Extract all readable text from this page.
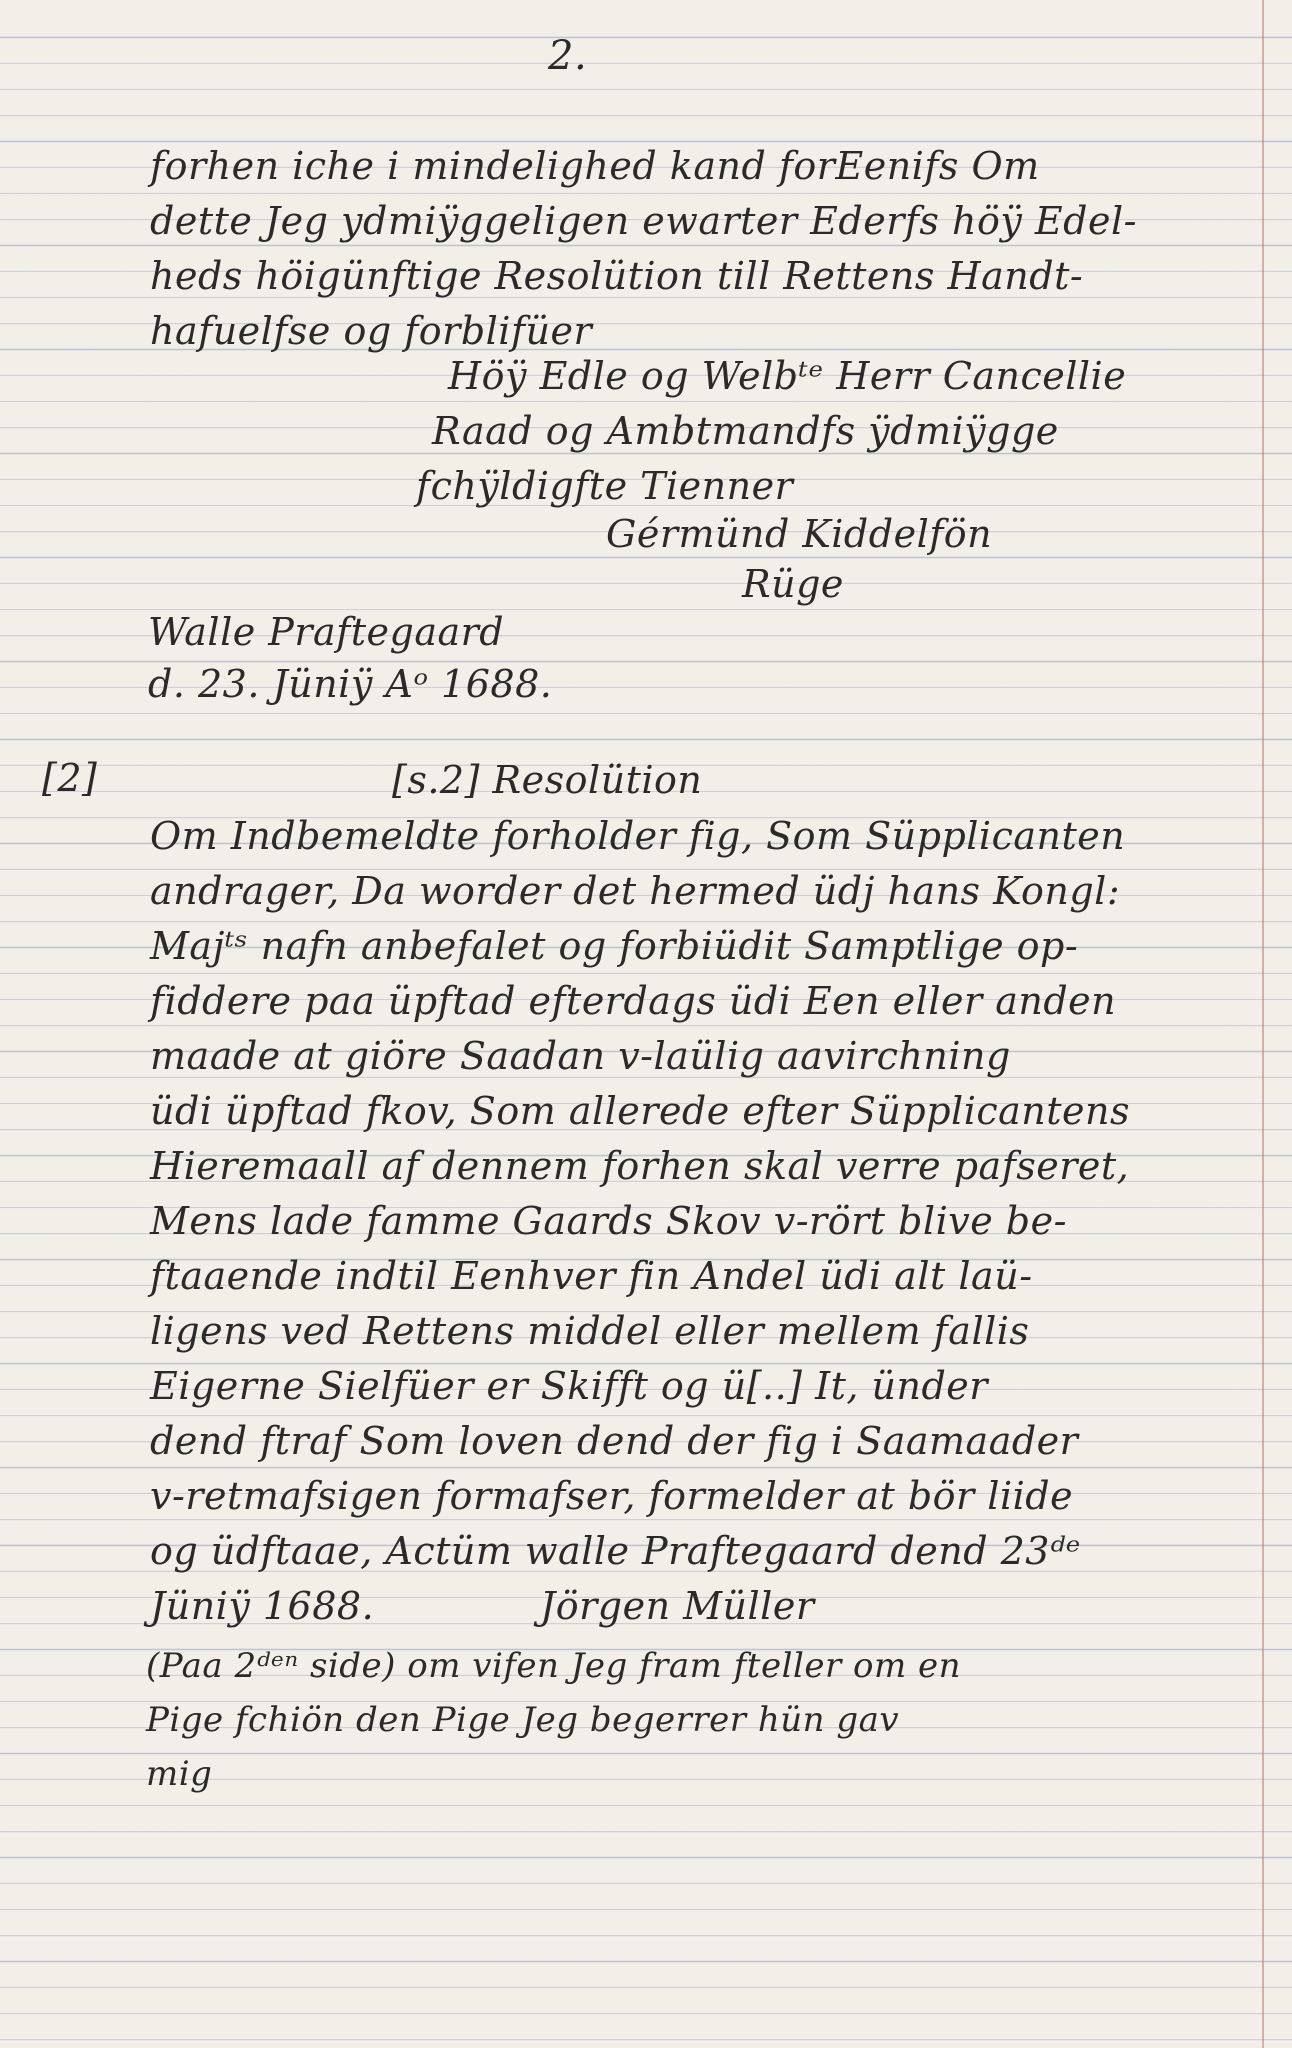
2.
forhen iche i mindelighed kand forEenifs Om
dette Jeg ydmiÿggeligen ewarter Ederfs höÿ Edel-
heds höigünftige Resolütion till Rettens Handt-
hafuelfse og forblifüer
Höÿ Edle og Welbᵗᵉ Herr Cancellie
Raad og Ambtmandfs ÿdmiÿgge
fchÿldigfte Tienner
Gérmünd Kiddelfön
Rüge
Walle Praftegaard
d. 23. Jüniÿ Aᵒ 1688.
[2]	[s.2] Resolütion
Om Indbemeldte forholder fig, Som Süpplicanten
andrager, Da worder det hermed üdj hans Kongl:
Majᵗˢ nafn anbefalet og forbiüdit Samptlige op-
fiddere paa üpftad efterdags üdi Een eller anden
maade at giöre Saadan v-laülig aavirchning
üdi üpftad fkov, Som allerede efter Süpplicantens
Hieremaall af dennem forhen skal verre pafseret,
Mens lade famme Gaards Skov v-rört blive be-
ftaaende indtil Eenhver fin Andel üdi alt laü-
ligens ved Rettens middel eller mellem fallis
Eigerne Sielfüer er Skifft og ü[..] It, ünder
dend ftraf Som loven dend der fig i Saamaader
v-retmafsigen formafser, formelder at bör liide
og üdftaae, Actüm walle Praftegaard dend 23ᵈᵉ
Jüniÿ 1688.	Jörgen Müller
(Paa 2ᵈᵉⁿ side) om vifen Jeg fram fteller om en
Pige fchiön den Pige Jeg begerrer hün gav
mig
